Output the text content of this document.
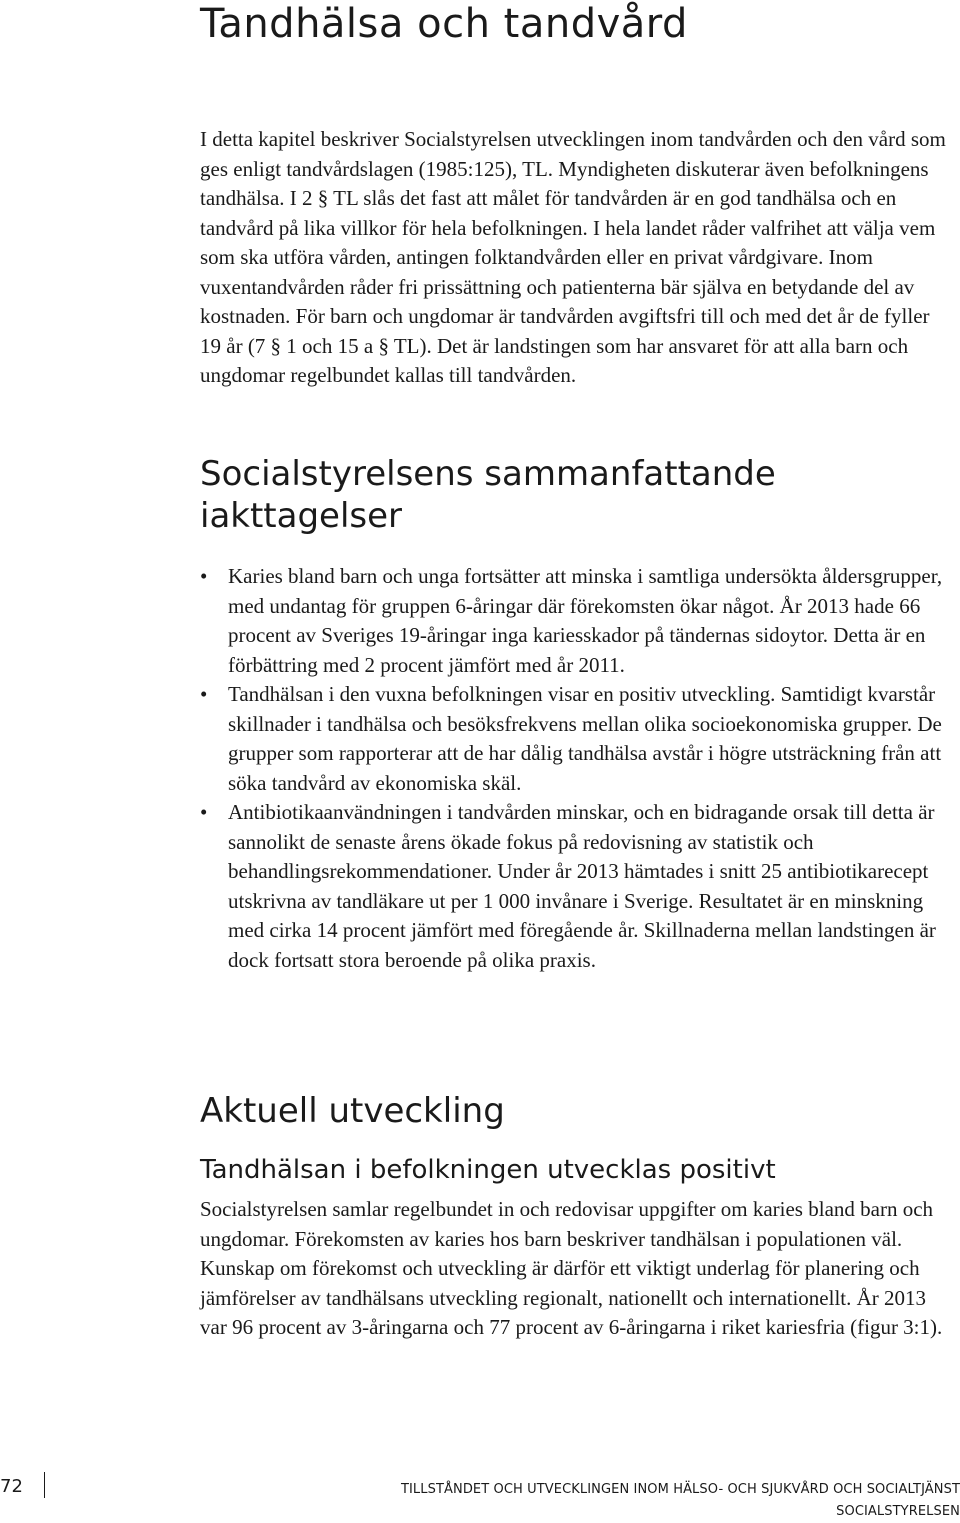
Tandhälsa och tandvård

I detta kapitel beskriver Socialstyrelsen utvecklingen inom tandvården och den vård som ges enligt tandvårdslagen (1985:125), TL. Myndigheten diskuterar även befolkningens tandhälsa. I 2 § TL slås det fast att målet för tandvården är en god tandhälsa och en tandvård på lika villkor för hela befolkningen. I hela landet råder valfrihet att välja vem som ska utföra vården, antingen folktandvården eller en privat vårdgivare. Inom vuxentandvården råder fri prissättning och patienterna bär själva en betydande del av kostnaden. För barn och ungdomar är tandvården avgiftsfri till och med det år de fyller 19 år (7 § 1 och 15 a § TL). Det är landstingen som har ansvaret för att alla barn och ungdomar regelbundet kallas till tandvården.

Socialstyrelsens sammanfattande iakttagelser
• Karies bland barn och unga fortsätter att minska i samtliga undersökta åldersgrupper, med undantag för gruppen 6-åringar där förekomsten ökar något. År 2013 hade 66 procent av Sveriges 19-åringar inga kariesskador på tändernas sidoytor. Detta är en förbättring med 2 procent jämfört med år 2011.

• Tandhälsan i den vuxna befolkningen visar en positiv utveckling. Samtidigt kvarstår skillnader i tandhälsa och besöksfrekvens mellan olika socioekonomiska grupper. De grupper som rapporterar att de har dålig tandhälsa avstår i högre utsträckning från att söka tandvård av ekonomiska skäl.

• Antibiotikaanvändningen i tandvården minskar, och en bidragande orsak till detta är sannolikt de senaste årens ökade fokus på redovisning av statistik och behandlingsrekommendationer. Under år 2013 hämtades i snitt 25 antibiotikarecept utskrivna av tandläkare ut per 1 000 invånare i Sverige. Resultatet är en minskning med cirka 14 procent jämfört med föregående år. Skillnaderna mellan landstingen är dock fortsatt stora beroende på olika praxis.

Aktuell utveckling
Tandhälsan i befolkningen utvecklas positivt

Socialstyrelsen samlar regelbundet in och redovisar uppgifter om karies bland barn och ungdomar. Förekomsten av karies hos barn beskriver tandhälsan i populationen väl. Kunskap om förekomst och utveckling är därför ett viktigt underlag för planering och jämförelser av tandhälsans utveckling regionalt, nationellt och internationellt. År 2013 var 96 procent av 3-åringarna och 77 procent av 6-åringarna i riket kariesfria (figur 3:1).

72	TILLSTÅNDET OCH UTVECKLINGEN INOM HÄLSO- OCH SJUKVÅRD OCH SOCIALTJÄNST
SOCIALSTYRELSEN
